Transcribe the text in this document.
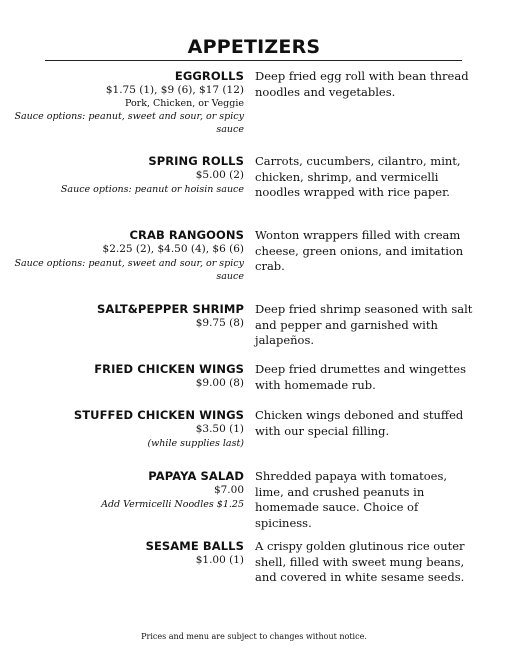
APPETIZERS
EGGROLLS
$1.75 (1), $9 (6), $17 (12)
Pork, Chicken, or Veggie
Sauce options: peanut, sweet and sour, or spicy sauce
Deep fried egg roll with bean thread noodles and vegetables.
SPRING ROLLS
$5.00 (2)
Sauce options: peanut or hoisin sauce
Carrots, cucumbers, cilantro, mint, chicken, shrimp, and vermicelli noodles wrapped with rice paper.
CRAB RANGOONS
$2.25 (2), $4.50 (4), $6 (6)
Sauce options: peanut, sweet and sour, or spicy sauce
Wonton wrappers filled with cream cheese, green onions, and imitation crab.
SALT&PEPPER SHRIMP
$9.75 (8)
Deep fried shrimp seasoned with salt and pepper and garnished with jalapeños.
FRIED CHICKEN WINGS
$9.00 (8)
Deep fried drumettes and wingettes with homemade rub.
STUFFED CHICKEN WINGS
$3.50 (1)
(while supplies last)
Chicken wings deboned and stuffed with our special filling.
PAPAYA SALAD
$7.00
Add Vermicelli Noodles $1.25
Shredded papaya with tomatoes, lime, and crushed peanuts in homemade sauce. Choice of spiciness.
SESAME BALLS
$1.00 (1)
A crispy golden glutinous rice outer shell, filled with sweet mung beans, and covered in white sesame seeds.
Prices and menu are subject to changes without notice.
